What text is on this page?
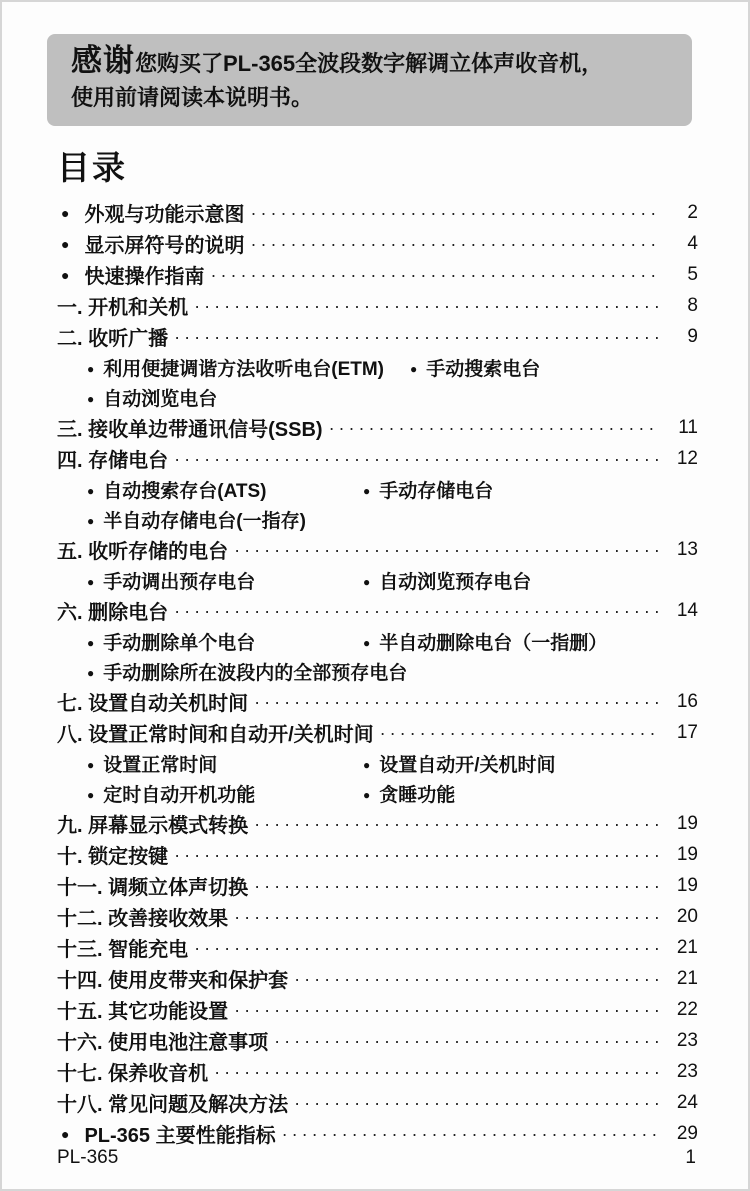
感谢您购买了PL-365全波段数字解调立体声收音机，
使用前请阅读本说明书。
目录
● 外观与功能示意图 ·····	2
● 显示屏符号的说明 ·····	4
● 快速操作指南 ·····	5
一. 开机和关机 ·····	8
二. 收听广播 ·····	9
● 利用便捷调谐方法收听电台(ETM) ● 手动搜索电台
● 自动浏览电台
三. 接收单边带通讯信号(SSB) ·····	11
四. 存储电台 ·····	12
● 自动搜索存台(ATS)	● 手动存储电台
● 半自动存储电台(一指存)
五. 收听存储的电台 ·····	13
● 手动调出预存电台	● 自动浏览预存电台
六. 删除电台 ·····	14
● 手动删除单个电台	● 半自动删除电台（一指删）
● 手动删除所在波段内的全部预存电台
七. 设置自动关机时间 ·····	16
八. 设置正常时间和自动开/关机时间 ·····	17
● 设置正常时间	● 设置自动开/关机时间
● 定时自动开机功能	● 贪睡功能
九. 屏幕显示模式转换 ·····	19
十. 锁定按键 ·····	19
十一. 调频立体声切换 ·····	19
十二. 改善接收效果 ·····	20
十三. 智能充电 ·····	21
十四. 使用皮带夹和保护套 ·····	21
十五. 其它功能设置 ·····	22
十六. 使用电池注意事项 ·····	23
十七. 保养收音机 ·····	23
十八. 常见问题及解决方法 ·····	24
● PL-365 主要性能指标 ·····	29
PL-365	1
